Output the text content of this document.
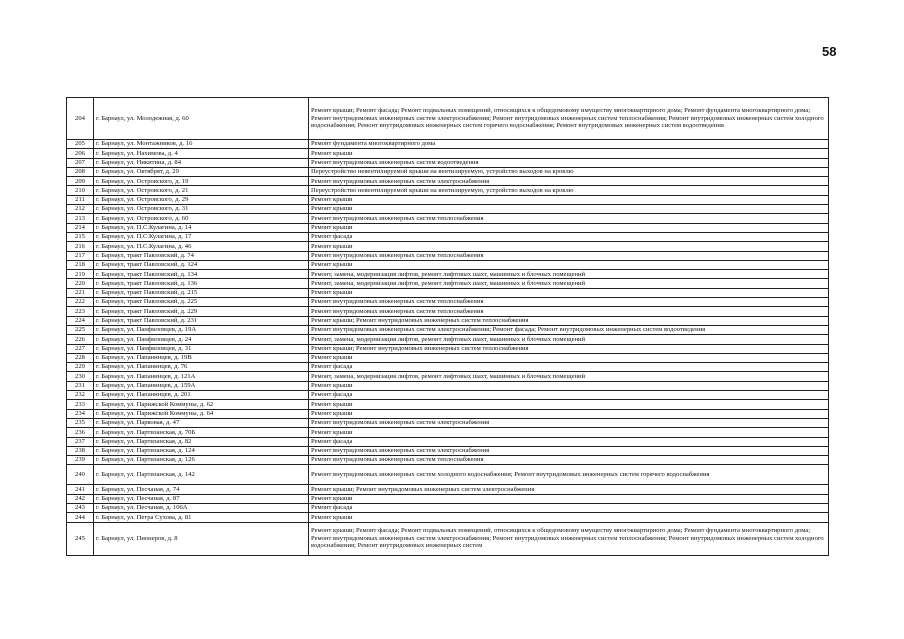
58
204	г. Барнаул, ул. Молодежная, д. 60	Ремонт крыши; Ремонт фасада; Ремонт подвальных помещений, относящихся к общедомовому имуществу многоквартирного дома; Ремонт фундамента многоквартирного дома; Ремонт внутридомовых инженерных систем электроснабжения; Ремонт внутридомовых инженерных систем теплоснабжения; Ремонт внутридомовых инженерных систем холодного водоснабжения; Ремонт внутридомовых инженерных систем горячего водоснабжения; Ремонт внутридомовых инженерных систем водоотведения
205	г. Барнаул, ул. Монтажников, д. 16	Ремонт фундамента многоквартирного дома
206	г. Барнаул, ул. Нахимова, д. 4	Ремонт крыши
207	г. Барнаул, ул. Никитина, д. 84	Ремонт внутридомовых инженерных систем водоотведения
208	г. Барнаул, ул. Октябрят, д. 29	Переустройство невентилируемой крыши на вентилируемую, устройство выходов на кровлю
209	г. Барнаул, ул. Островского, д. 19	Ремонт внутридомовых инженерных систем электроснабжения
210	г. Барнаул, ул. Островского, д. 21	Переустройство невентилируемой крыши на вентилируемую, устройство выходов на кровлю
211	г. Барнаул, ул. Островского, д. 29	Ремонт крыши
212	г. Барнаул, ул. Островского, д. 31	Ремонт крыши
213	г. Барнаул, ул. Островского, д. 60	Ремонт внутридомовых инженерных систем теплоснабжения
214	г. Барнаул, ул. П.С.Кулагина, д. 14	Ремонт крыши
215	г. Барнаул, ул. П.С.Кулагина, д. 17	Ремонт фасада
216	г. Барнаул, ул. П.С.Кулагина, д. 46	Ремонт крыши
217	г. Барнаул, тракт Павловский, д. 74	Ремонт внутридомовых инженерных систем теплоснабжения
218	г. Барнаул, тракт Павловский, д. 124	Ремонт крыши
219	г. Барнаул, тракт Павловский, д. 134	Ремонт, замена, модернизация лифтов, ремонт лифтовых шахт, машинных и блочных помещений
220	г. Барнаул, тракт Павловский, д. 136	Ремонт, замена, модернизация лифтов, ремонт лифтовых шахт, машинных и блочных помещений
221	г. Барнаул, тракт Павловский, д. 215	Ремонт крыши
222	г. Барнаул, тракт Павловский, д. 225	Ремонт внутридомовых инженерных систем теплоснабжения
223	г. Барнаул, тракт Павловский, д. 229	Ремонт внутридомовых инженерных систем теплоснабжения
224	г. Барнаул, тракт Павловский, д. 231	Ремонт крыши; Ремонт внутридомовых инженерных систем теплоснабжения
225	г. Барнаул, ул. Панфиловцев, д. 19А	Ремонт внутридомовых инженерных систем электроснабжения; Ремонт фасада; Ремонт внутридомовых инженерных систем водоотведения
226	г. Барнаул, ул. Панфиловцев, д. 24	Ремонт, замена, модернизация лифтов, ремонт лифтовых шахт, машинных и блочных помещений
227	г. Барнаул, ул. Панфиловцев, д. 31	Ремонт крыши; Ремонт внутридомовых инженерных систем теплоснабжения
228	г. Барнаул, ул. Папанинцев, д. 19В	Ремонт крыши
229	г. Барнаул, ул. Папанинцев, д. 76	Ремонт фасада
230	г. Барнаул, ул. Папанинцев, д. 121А	Ремонт, замена, модернизация лифтов, ремонт лифтовых шахт, машинных и блочных помещений
231	г. Барнаул, ул. Папанинцев, д. 159А	Ремонт крыши
232	г. Барнаул, ул. Папанинцев, д. 201	Ремонт фасада
233	г. Барнаул, ул. Парижской Коммуны, д. 62	Ремонт крыши
234	г. Барнаул, ул. Парижской Коммуны, д. 64	Ремонт крыши
235	г. Барнаул, ул. Парковая, д. 47	Ремонт внутридомовых инженерных систем электроснабжения
236	г. Барнаул, ул. Партизанская, д. 70Б	Ремонт крыши
237	г. Барнаул, ул. Партизанская, д. 82	Ремонт фасада
238	г. Барнаул, ул. Партизанская, д. 124	Ремонт внутридомовых инженерных систем электроснабжения
239	г. Барнаул, ул. Партизанская, д. 126	Ремонт внутридомовых инженерных систем теплоснабжения
240	г. Барнаул, ул. Партизанская, д. 142	Ремонт внутридомовых инженерных систем холодного водоснабжения; Ремонт внутридомовых инженерных систем горячего водоснабжения
241	г. Барнаул, ул. Песчаная, д. 74	Ремонт крыши; Ремонт внутридомовых инженерных систем электроснабжения
242	г. Барнаул, ул. Песчаная, д. 87	Ремонт крыши
243	г. Барнаул, ул. Песчаная, д. 106А	Ремонт фасада
244	г. Барнаул, ул. Петра Сухова, д. 81	Ремонт крыши
245	г. Барнаул, ул. Пионеров, д. 8	Ремонт крыши; Ремонт фасада; Ремонт подвальных помещений, относящихся к общедомовому имуществу многоквартирного дома; Ремонт фундамента многоквартирного дома; Ремонт внутридомовых инженерных систем электроснабжения; Ремонт внутридомовых инженерных систем теплоснабжения; Ремонт внутридомовых инженерных систем холодного водоснабжения; Ремонт внутридомовых инженерных систем
